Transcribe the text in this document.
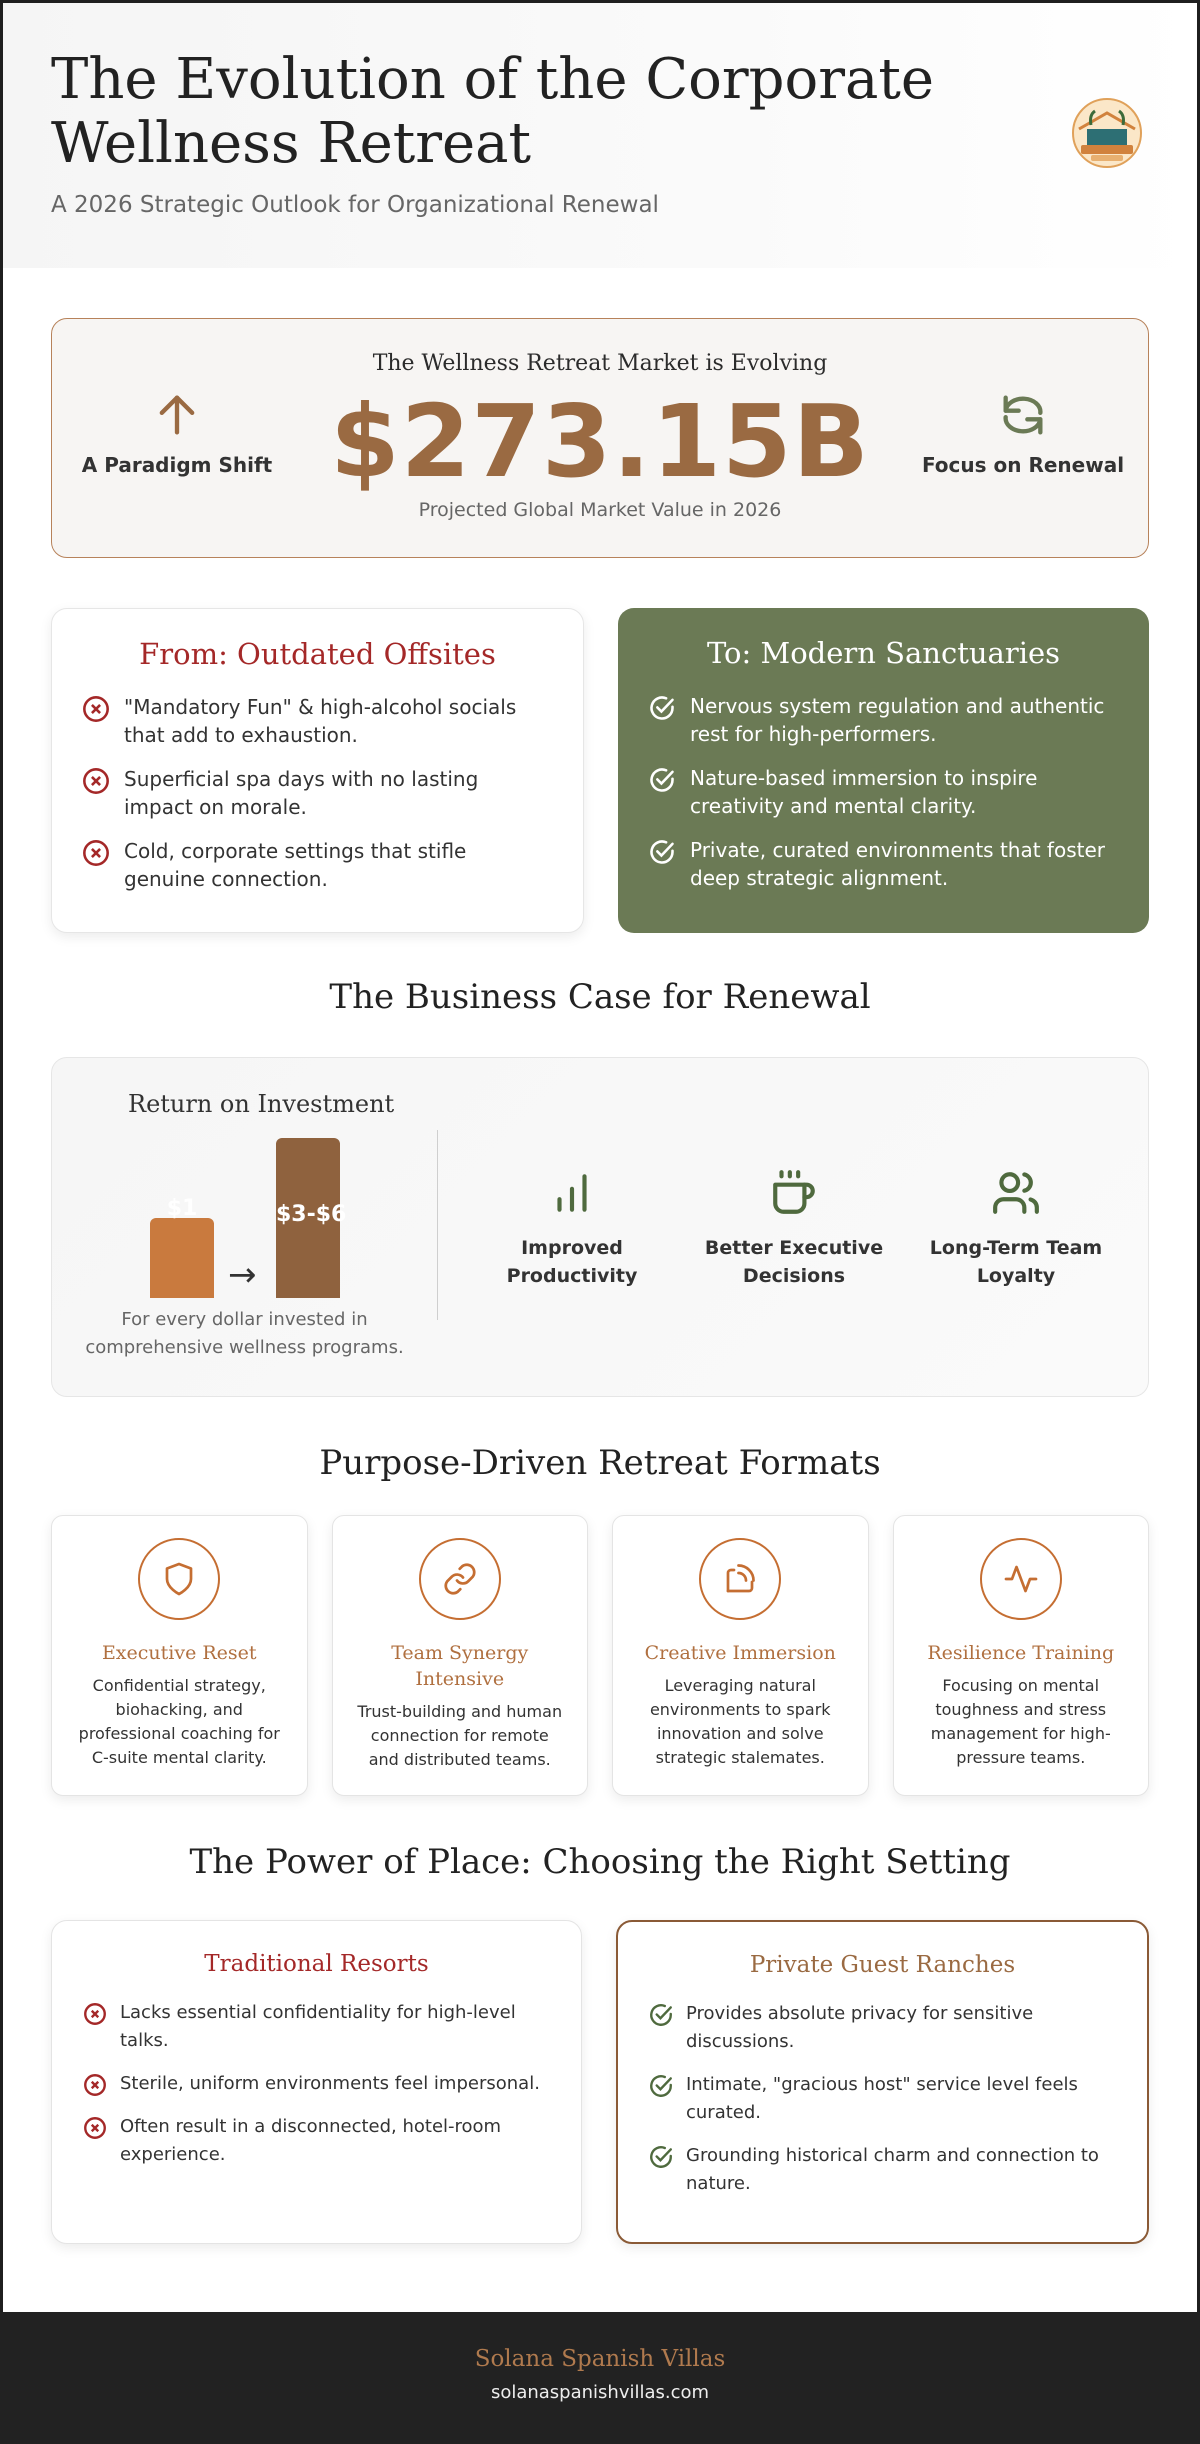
The Evolution of the Corporate Wellness Retreat
A 2026 Strategic Outlook for Organizational Renewal
The Wellness Retreat Market is Evolving
$273.15B
Projected Global Market Value in 2026
A Paradigm Shift	Focus on Renewal
From: Outdated Offsites
"Mandatory Fun" & high-alcohol socials that add to exhaustion.
Superficial spa days with no lasting impact on morale.
Cold, corporate settings that stifle genuine connection.
To: Modern Sanctuaries
Nervous system regulation and authentic rest for high-performers.
Nature-based immersion to inspire creativity and mental clarity.
Private, curated environments that foster deep strategic alignment.
The Business Case for Renewal
Return on Investment
$1
→
$3-$6
For every dollar invested in comprehensive wellness programs.
Improved Productivity
Better Executive Decisions
Long-Term Team Loyalty
Purpose-Driven Retreat Formats
Executive Reset
Confidential strategy, biohacking, and professional coaching for C-suite mental clarity.
Team Synergy Intensive
Trust-building and human connection for remote and distributed teams.
Creative Immersion
Leveraging natural environments to spark innovation and solve strategic stalemates.
Resilience Training
Focusing on mental toughness and stress management for high-pressure teams.
The Power of Place: Choosing the Right Setting
Traditional Resorts
Lacks essential confidentiality for high-level talks.
Sterile, uniform environments feel impersonal.
Often result in a disconnected, hotel-room experience.
Private Guest Ranches
Provides absolute privacy for sensitive discussions.
Intimate, "gracious host" service level feels curated.
Grounding historical charm and connection to nature.
Solana Spanish Villas
solanaspanishvillas.com
